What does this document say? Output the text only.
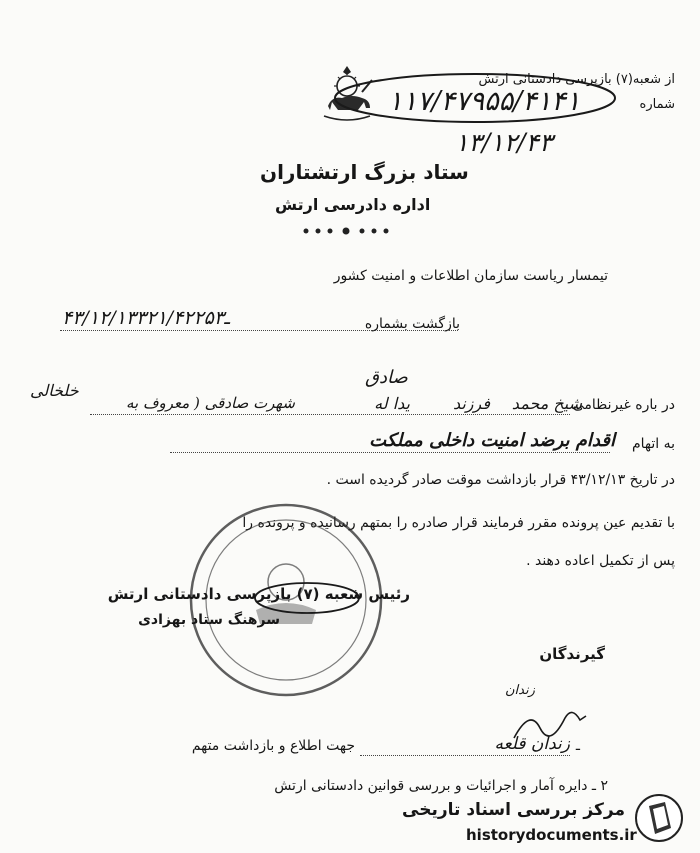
از شعبه(۷) بازپرسی دادستانی ارتش
شماره
۱۱۷/۴۷۹۵۵/۴۱۴۱
۱۳/۱۲/۴۳
ستاد بزرگ ارتشتاران
اداره دادرسی ارتش
تیمسار ریاست سازمان اطلاعات و امنیت کشور
بازگشت بشماره
۴۳/۱۲/۱۳ـ۳۲۱/۴۲۲۵۳
صادق
خلخالی
در باره غیرنظامی
شیخ محمد
فرزند
یدا له
شهرت صادقی ( معروف به
به اتهام
اقدام برضد امنیت داخلی مملکت
در تاریخ ۴۳/۱۲/۱۳ قرار بازداشت موقت صادر گردیده است .
با تقدیم عین پرونده مقرر فرمایند قرار صادره را بمتهم رسانیده و پرونده را
پس از تکمیل اعاده دهند .
رئیس شعبه (۷) بازپرسی دادستانی ارتش
سرهنگ ستاد بهزادی
گیرندگان
زندان
ـ
زندان قلعه
جهت اطلاع و بازداشت متهم
۲ ـ دایره آمار و اجرائیات و بررسی قوانین دادستانی ارتش
مرکز بررسی اسناد تاریخی
historydocuments.ir
